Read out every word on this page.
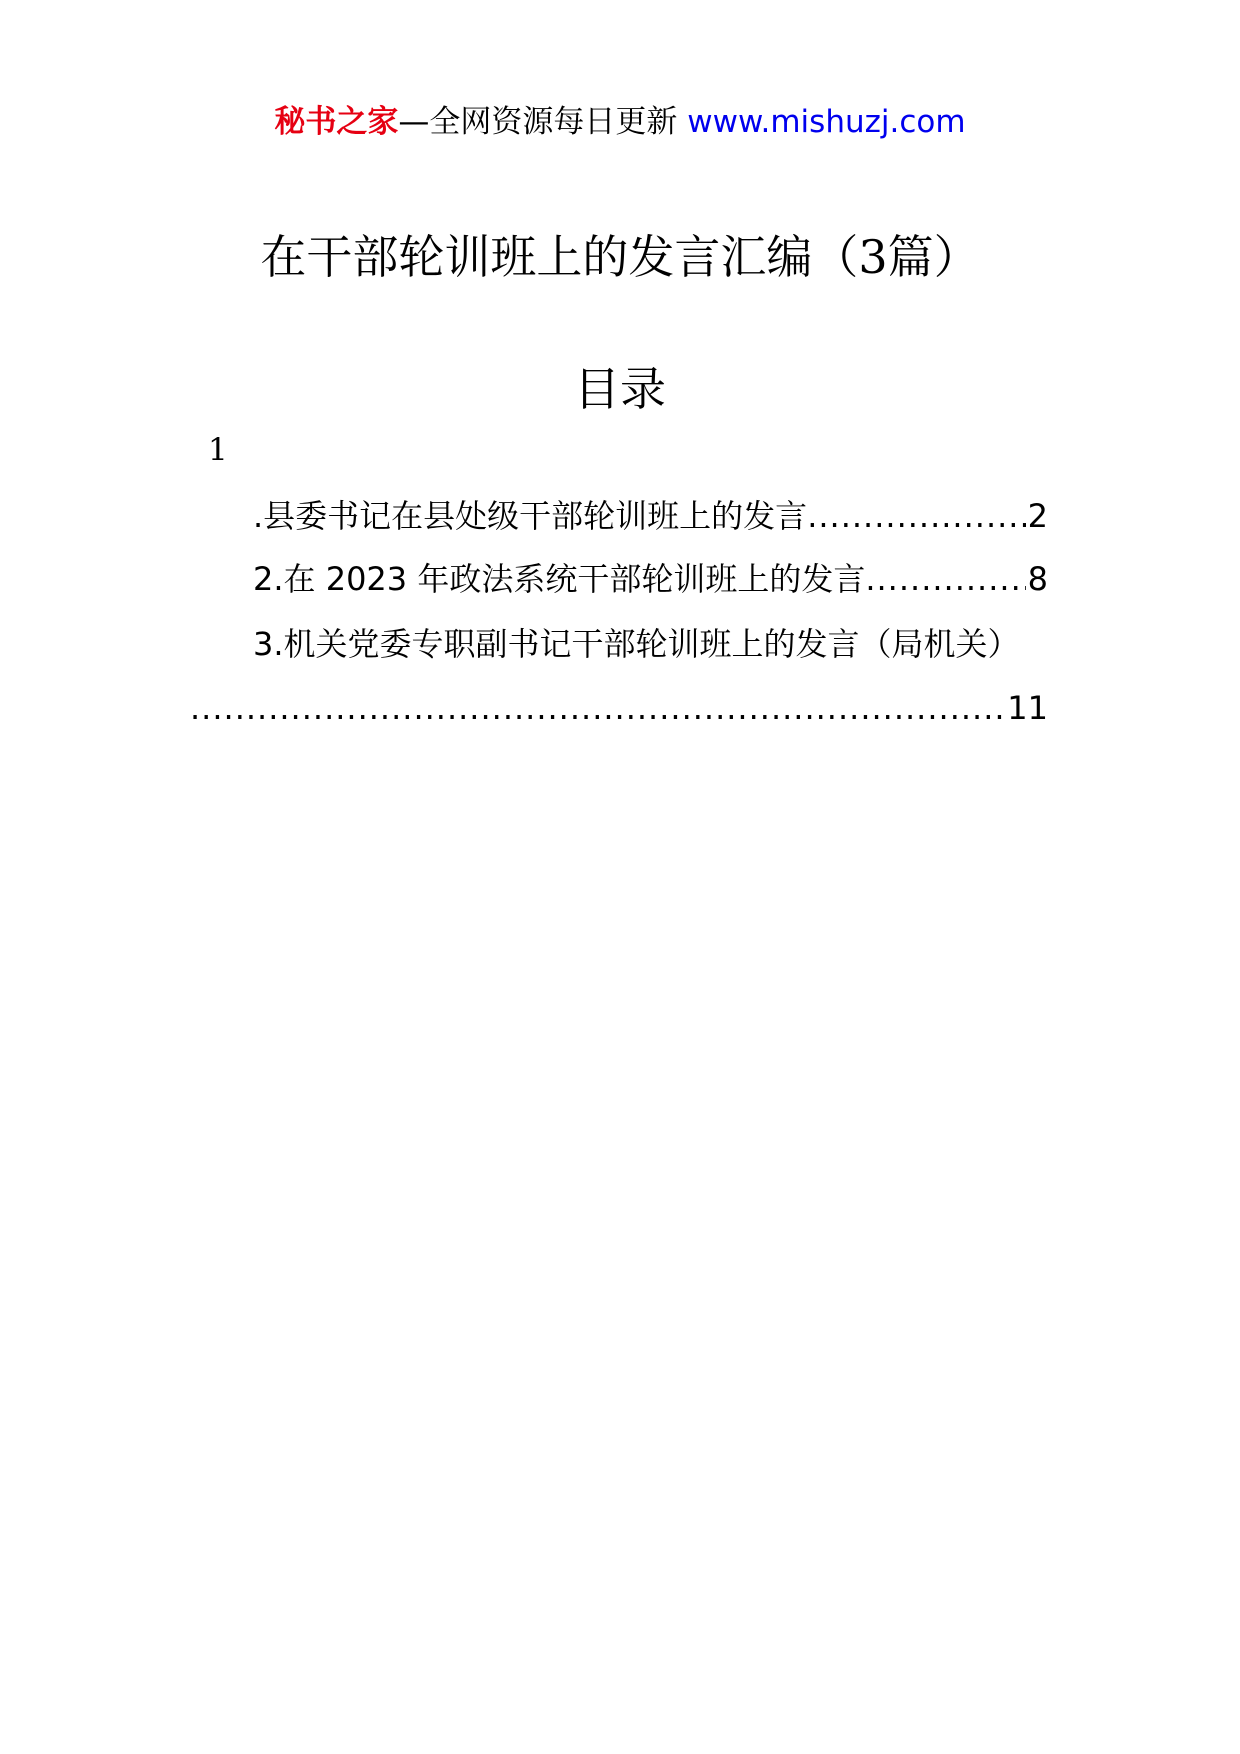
秘书之家—全网资源每日更新 www.mishuzj.com
在干部轮训班上的发言汇编（3篇）
目录
1
.县委书记在县处级干部轮训班上的发言 .....	2
2.在 2023 年政法系统干部轮训班上的发言 .....	8
3.机关党委专职副书记干部轮训班上的发言（局机关）
.....
11
